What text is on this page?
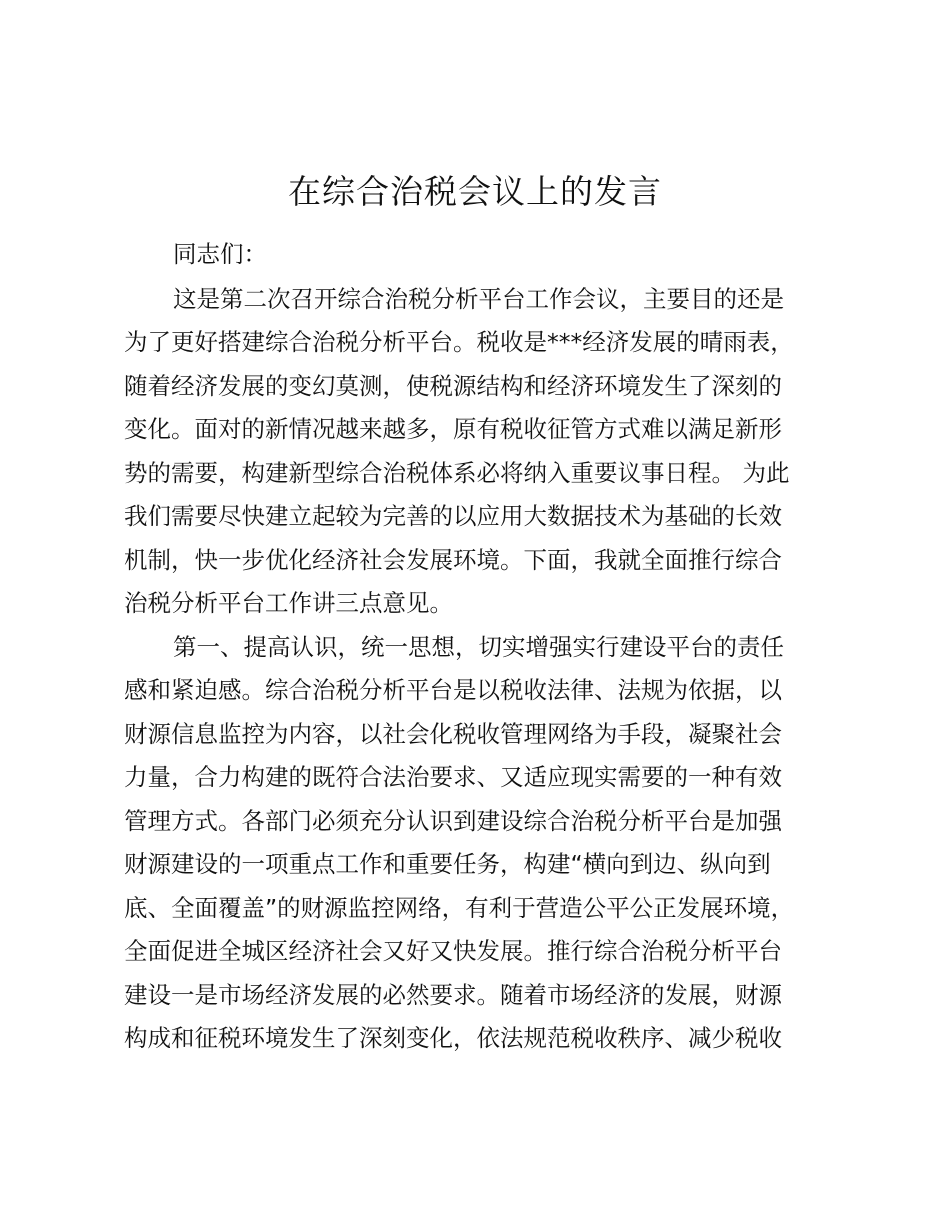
在综合治税会议上的发言
同志们：
这是第二次召开综合治税分析平台工作会议，主要目的还是
为了更好搭建综合治税分析平台。税收是***经济发展的晴雨表，
随着经济发展的变幻莫测，使税源结构和经济环境发生了深刻的
变化。面对的新情况越来越多，原有税收征管方式难以满足新形
势的需要，构建新型综合治税体系必将纳入重要议事日程。 为此
我们需要尽快建立起较为完善的以应用大数据技术为基础的长效
机制，快一步优化经济社会发展环境。下面，我就全面推行综合
治税分析平台工作讲三点意见。
第一、提高认识，统一思想，切实增强实行建设平台的责任
感和紧迫感。综合治税分析平台是以税收法律、法规为依据，以
财源信息监控为内容，以社会化税收管理网络为手段，凝聚社会
力量，合力构建的既符合法治要求、又适应现实需要的一种有效
管理方式。各部门必须充分认识到建设综合治税分析平台是加强
财源建设的一项重点工作和重要任务，构建“横向到边、纵向到
底、全面覆盖”的财源监控网络，有利于营造公平公正发展环境，
全面促进全城区经济社会又好又快发展。推行综合治税分析平台
建设一是市场经济发展的必然要求。随着市场经济的发展，财源
构成和征税环境发生了深刻变化，依法规范税收秩序、减少税收
